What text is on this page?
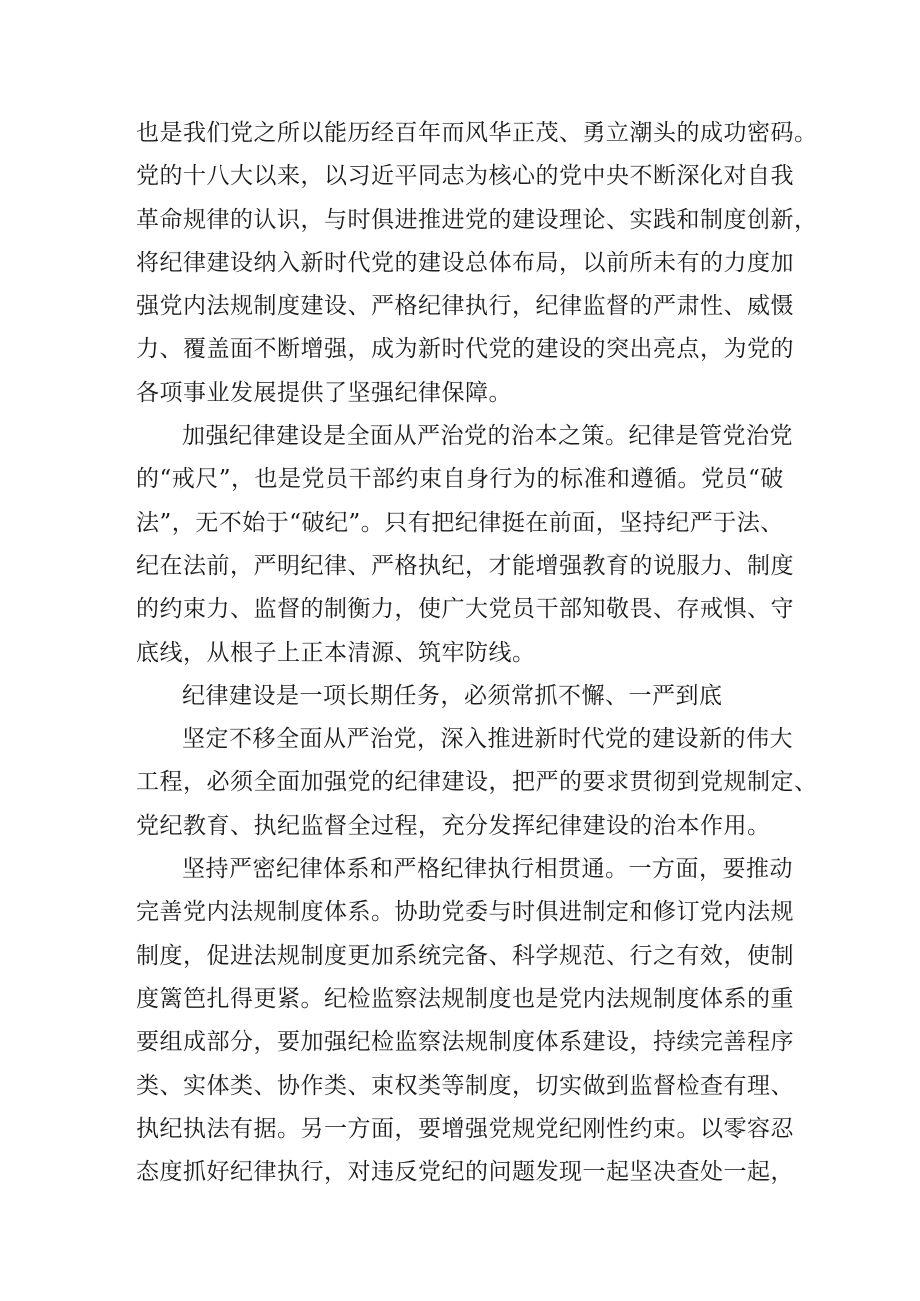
也是我们党之所以能历经百年而风华正茂、勇立潮头的成功密码。
党的十八大以来，以习近平同志为核心的党中央不断深化对自我
革命规律的认识，与时俱进推进党的建设理论、实践和制度创新，
将纪律建设纳入新时代党的建设总体布局，以前所未有的力度加
强党内法规制度建设、严格纪律执行，纪律监督的严肃性、威慑
力、覆盖面不断增强，成为新时代党的建设的突出亮点，为党的
各项事业发展提供了坚强纪律保障。
加强纪律建设是全面从严治党的治本之策。纪律是管党治党
的“戒尺”，也是党员干部约束自身行为的标准和遵循。党员“破
法”，无不始于“破纪”。只有把纪律挺在前面，坚持纪严于法、
纪在法前，严明纪律、严格执纪，才能增强教育的说服力、制度
的约束力、监督的制衡力，使广大党员干部知敬畏、存戒惧、守
底线，从根子上正本清源、筑牢防线。
纪律建设是一项长期任务，必须常抓不懈、一严到底
坚定不移全面从严治党，深入推进新时代党的建设新的伟大
工程，必须全面加强党的纪律建设，把严的要求贯彻到党规制定、
党纪教育、执纪监督全过程，充分发挥纪律建设的治本作用。
坚持严密纪律体系和严格纪律执行相贯通。一方面，要推动
完善党内法规制度体系。协助党委与时俱进制定和修订党内法规
制度，促进法规制度更加系统完备、科学规范、行之有效，使制
度篱笆扎得更紧。纪检监察法规制度也是党内法规制度体系的重
要组成部分，要加强纪检监察法规制度体系建设，持续完善程序
类、实体类、协作类、束权类等制度，切实做到监督检查有理、
执纪执法有据。另一方面，要增强党规党纪刚性约束。以零容忍
态度抓好纪律执行，对违反党纪的问题发现一起坚决查处一起，
